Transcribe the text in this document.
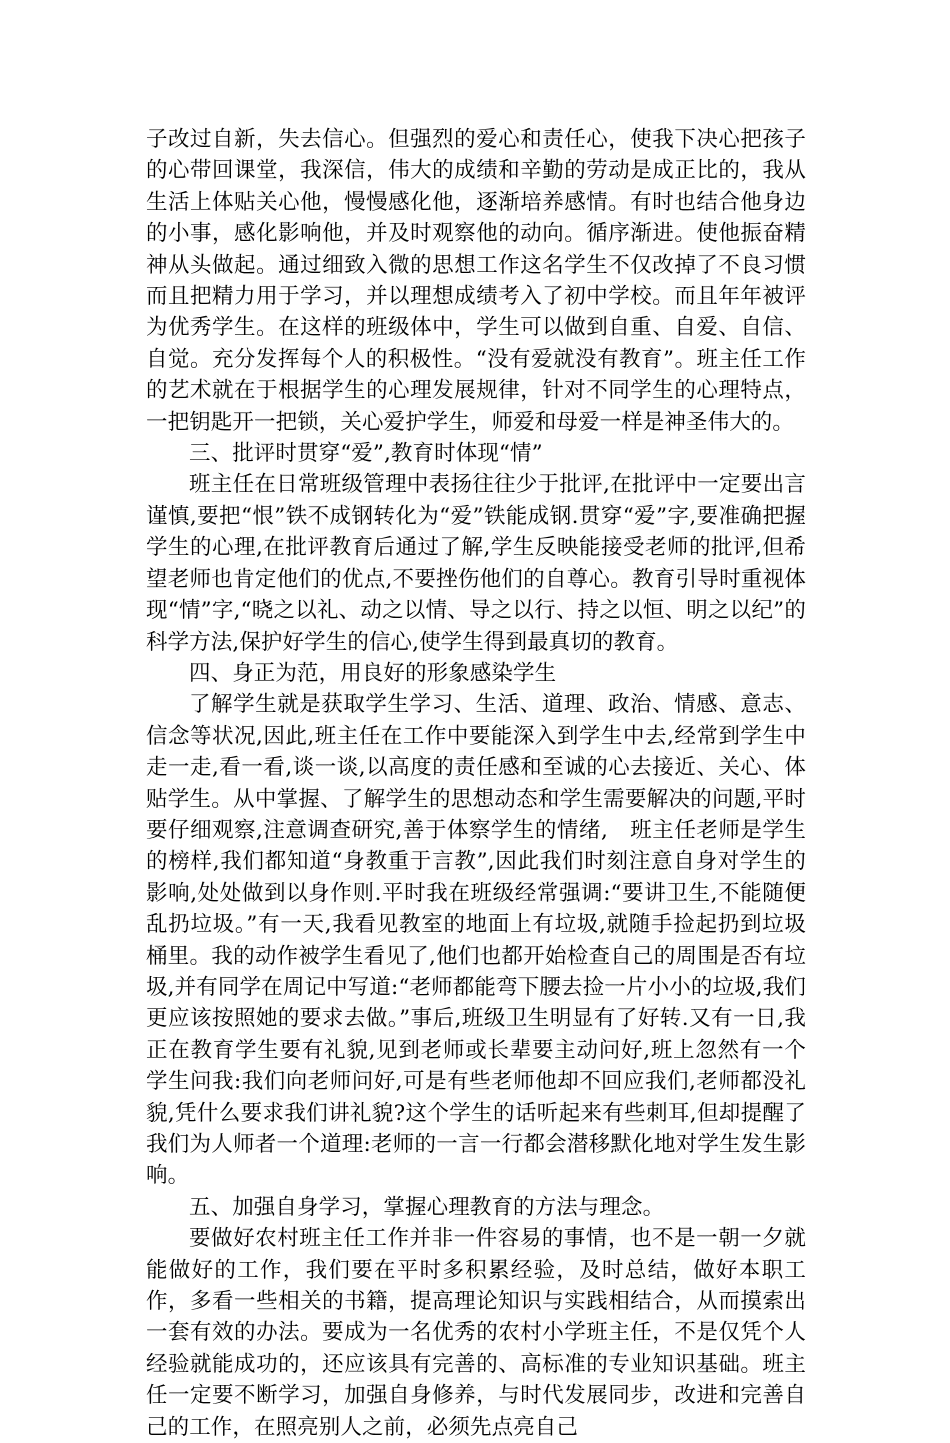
子改过自新，失去信心。但强烈的爱心和责任心，使我下决心把孩子的心带回课堂，我深信，伟大的成绩和辛勤的劳动是成正比的，我从生活上体贴关心他，慢慢感化他，逐渐培养感情。有时也结合他身边的小事，感化影响他，并及时观察他的动向。循序渐进。使他振奋精神从头做起。通过细致入微的思想工作这名学生不仅改掉了不良习惯而且把精力用于学习，并以理想成绩考入了初中学校。而且年年被评为优秀学生。在这样的班级体中，学生可以做到自重、自爱、自信、自觉。充分发挥每个人的积极性。“没有爱就没有教育”。班主任工作的艺术就在于根据学生的心理发展规律，针对不同学生的心理特点，一把钥匙开一把锁，关心爱护学生，师爱和母爱一样是神圣伟大的。

三、批评时贯穿“爱”,教育时体现“情”

班主任在日常班级管理中表扬往往少于批评,在批评中一定要出言谨慎,要把“恨”铁不成钢转化为“爱”铁能成钢.贯穿“爱”字,要准确把握学生的心理,在批评教育后通过了解,学生反映能接受老师的批评,但希望老师也肯定他们的优点,不要挫伤他们的自尊心。教育引导时重视体现“情”字,“晓之以礼、动之以情、导之以行、持之以恒、明之以纪”的科学方法,保护好学生的信心,使学生得到最真切的教育。

四、身正为范，用良好的形象感染学生

了解学生就是获取学生学习、生活、道理、政治、情感、意志、信念等状况,因此,班主任在工作中要能深入到学生中去,经常到学生中走一走,看一看,谈一谈,以高度的责任感和至诚的心去接近、关心、体贴学生。从中掌握、了解学生的思想动态和学生需要解决的问题,平时要仔细观察,注意调查研究,善于体察学生的情绪,　班主任老师是学生的榜样,我们都知道“身教重于言教”,因此我们时刻注意自身对学生的影响,处处做到以身作则.平时我在班级经常强调:“要讲卫生,不能随便乱扔垃圾。”有一天,我看见教室的地面上有垃圾,就随手捡起扔到垃圾桶里。我的动作被学生看见了,他们也都开始检查自己的周围是否有垃圾,并有同学在周记中写道:“老师都能弯下腰去捡一片小小的垃圾,我们更应该按照她的要求去做。”事后,班级卫生明显有了好转.又有一日,我正在教育学生要有礼貌,见到老师或长辈要主动问好,班上忽然有一个学生问我:我们向老师问好,可是有些老师他却不回应我们,老师都没礼貌,凭什么要求我们讲礼貌?这个学生的话听起来有些刺耳,但却提醒了我们为人师者一个道理:老师的一言一行都会潜移默化地对学生发生影响。

五、加强自身学习，掌握心理教育的方法与理念。

要做好农村班主任工作并非一件容易的事情，也不是一朝一夕就能做好的工作，我们要在平时多积累经验，及时总结，做好本职工作，多看一些相关的书籍，提高理论知识与实践相结合，从而摸索出一套有效的办法。要成为一名优秀的农村小学班主任，不是仅凭个人经验就能成功的，还应该具有完善的、高标准的专业知识基础。班主任一定要不断学习，加强自身修养，与时代发展同步，改进和完善自己的工作，在照亮别人之前，必须先点亮自己
